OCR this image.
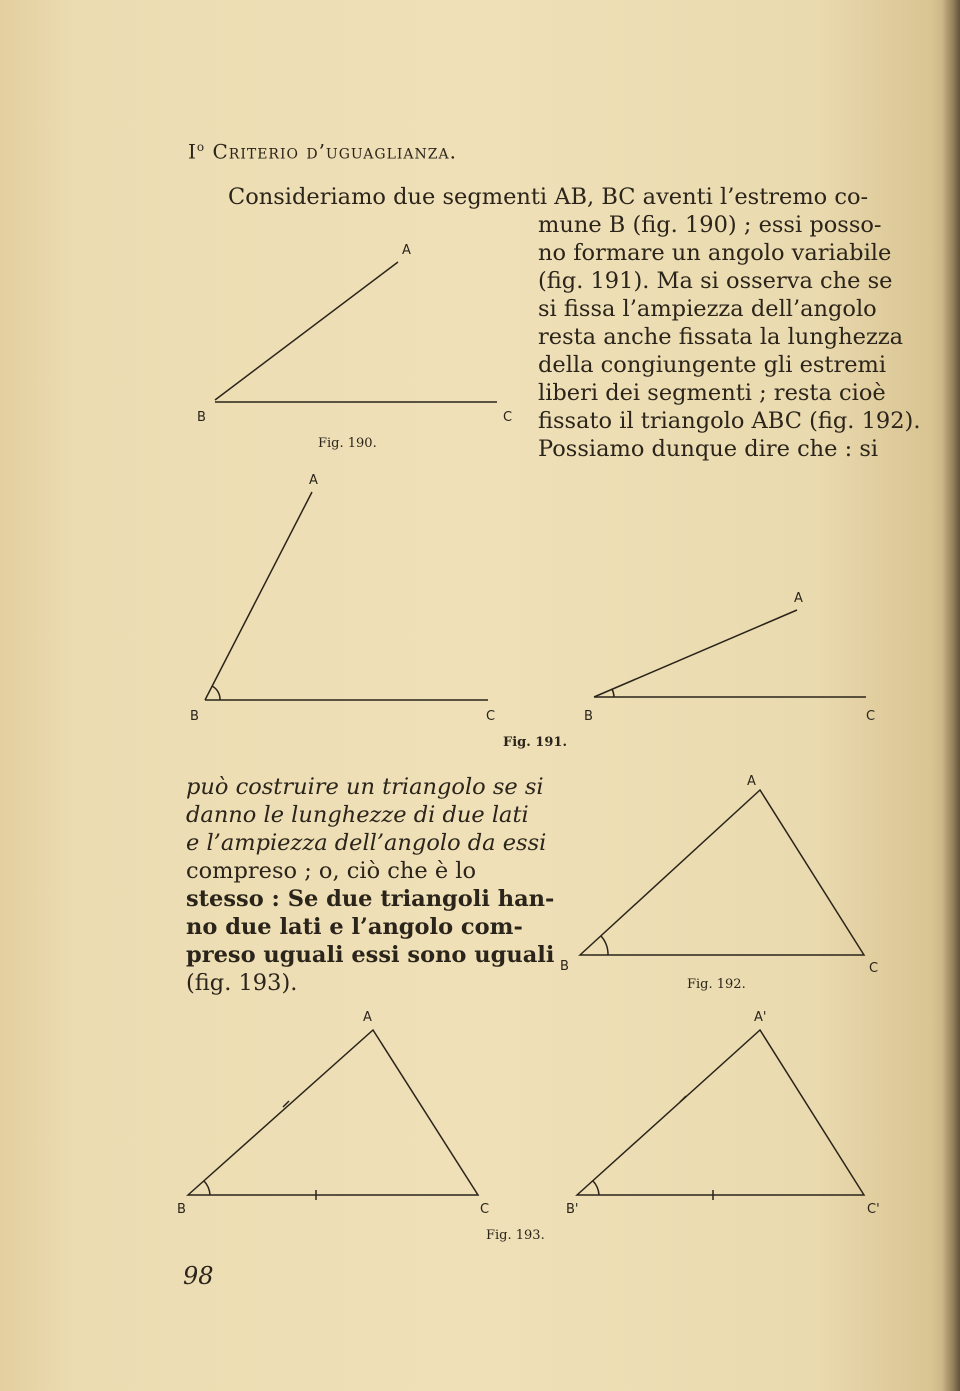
$I^o$ Criterio d’uguaglianza.
Consideriamo due segmenti AB, BC aventi l’estremo co-
mune B (fig. 190) ; essi posso-
no formare un angolo variabile
(fig. 191). Ma si osserva che se
si fissa l’ampiezza dell’angolo
resta anche fissata la lunghezza
della congiungente gli estremi
liberi dei segmenti ; resta cioè
fissato il triangolo ABC (fig. 192).
Possiamo dunque dire che : si
può costruire un triangolo se si
danno le lunghezze di due lati
e l’ampiezza dell’angolo da essi
compreso ; o, ciò che è lo
stesso : Se due triangoli han-
no due lati e l’angolo com-
preso uguali essi sono uguali
(fig. 193).
A
B	C
A
B	C
A
B	C
A
B	C
A
B	C
A'
B'	C'
Fig. 190.
Fig. 191.
Fig. 192.
Fig. 193.
98
